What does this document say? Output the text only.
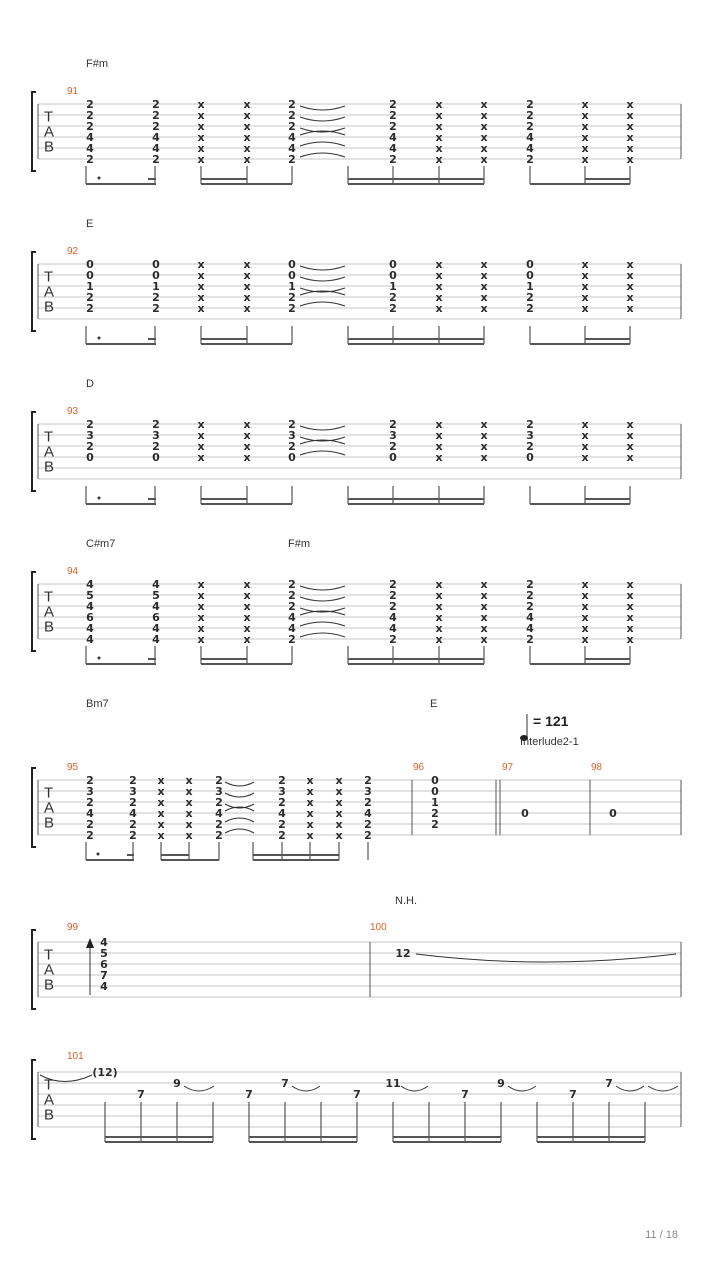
T
A
B
F#m
91
2
2
2
4
4
2
2
2
2
4
4
2
x
x
x
x
x
x
x
x
x
x
x
x
2
2
2
4
4
2
2
2
2
4
4
2
x
x
x
x
x
x
x
x
x
x
x
x
2
2
2
4
4
2
x
x
x
x
x
x
x
x
x
x
x
x
T
A
B
E
92
0
0
1
2
2
0
0
1
2
2
x
x
x
x
x
x
x
x
x
x
0
0
1
2
2
0
0
1
2
2
x
x
x
x
x
x
x
x
x
x
0
0
1
2
2
x
x
x
x
x
x
x
x
x
x
T
A
B
D
93
2
3
2
0
2
3
2
0
x
x
x
x
x
x
x
x
2
3
2
0
2
3
2
0
x
x
x
x
x
x
x
x
2
3
2
0
x
x
x
x
x
x
x
x
T
A
B
C#m7	F#m
94
4
5
4
6
4
4
4
5
4
6
4
4
x
x
x
x
x
x
x
x
x
x
x
x
2
2
2
4
4
2
2
2
2
4
4
2
x
x
x
x
x
x
x
x
x
x
x
x
2
2
2
4
4
2
x
x
x
x
x
x
x
x
x
x
x
x
T
A
B
Bm7	E
= 121
Interlude2-1
95	96	97	98
2
3
2
4
2
2
2
3
2
4
2
2
x
x
x
x
x
x
x
x
x
x
x
x
2
3
2
4
2
2
2
3
2
4
2
2
x
x
x
x
x
x
x
x
x
x
x
x
2
3
2
4
2
2
0
0
1
2
2
0	0
T
A
B
N.H.
99	100
4
5
6
7
4
12
T
A
B
101
(12)
7
9
7
7
7
11
7
9
7
7
11 / 18
